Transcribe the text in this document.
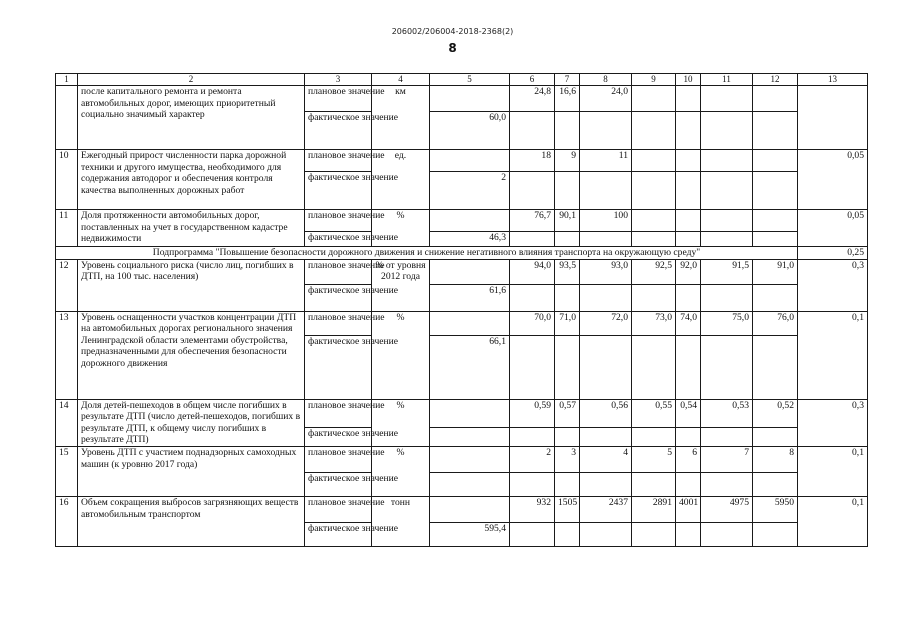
206002/206004-2018-2368(2)
8
1	2	3	4	5	6	7	8	9	10	11	12	13
	после капитального ремонта и ремонта автомобильных дорог, имеющих приоритетный социально значимый характер	плановое значение	км		24,8	16,6	24,0					
		фактическое значение		60,0								
10	Ежегодный прирост численности парка дорожной техники и другого имущества, необходимого для содержания автодорог и обеспечения контроля качества выполненных дорожных работ	плановое значение	ед.		18	9	11					0,05
		фактическое значение		2								
11	Доля протяженности автомобильных дорог, поставленных на учет в государственном кадастре недвижимости	плановое значение	%		76,7	90,1	100					0,05
		фактическое значение		46,3								
Подпрограмма "Повышение безопасности дорожного движения и снижение негативного влияния транспорта на окружающую среду"												0,25
12	Уровень социального риска (число лиц, погибших в ДТП, на 100 тыс. населения)	плановое значение	% от уровня 2012 года		94,0	93,5	93,0	92,5	92,0	91,5	91,0	0,3
		фактическое значение		61,6								
13	Уровень оснащенности участков концентрации ДТП на автомобильных дорогах регионального значения Ленинградской области элементами обустройства, предназначенными для обеспечения безопасности дорожного движения	плановое значение	%		70,0	71,0	72,0	73,0	74,0	75,0	76,0	0,1
		фактическое значение		66,1								
14	Доля детей-пешеходов в общем числе погибших в результате ДТП (число детей-пешеходов, погибших в результате ДТП, к общему числу погибших в результате ДТП)	плановое значение	%		0,59	0,57	0,56	0,55	0,54	0,53	0,52	0,3
		фактическое значение										
15	Уровень ДТП с участием поднадзорных самоходных машин (к уровню 2017 года)	плановое значение	%		2	3	4	5	6	7	8	0,1
		фактическое значение										
16	Объем сокращения выбросов загрязняющих веществ автомобильным транспортом	плановое значение	тонн		932	1505	2437	2891	4001	4975	5950	0,1
		фактическое значение		595,4								
